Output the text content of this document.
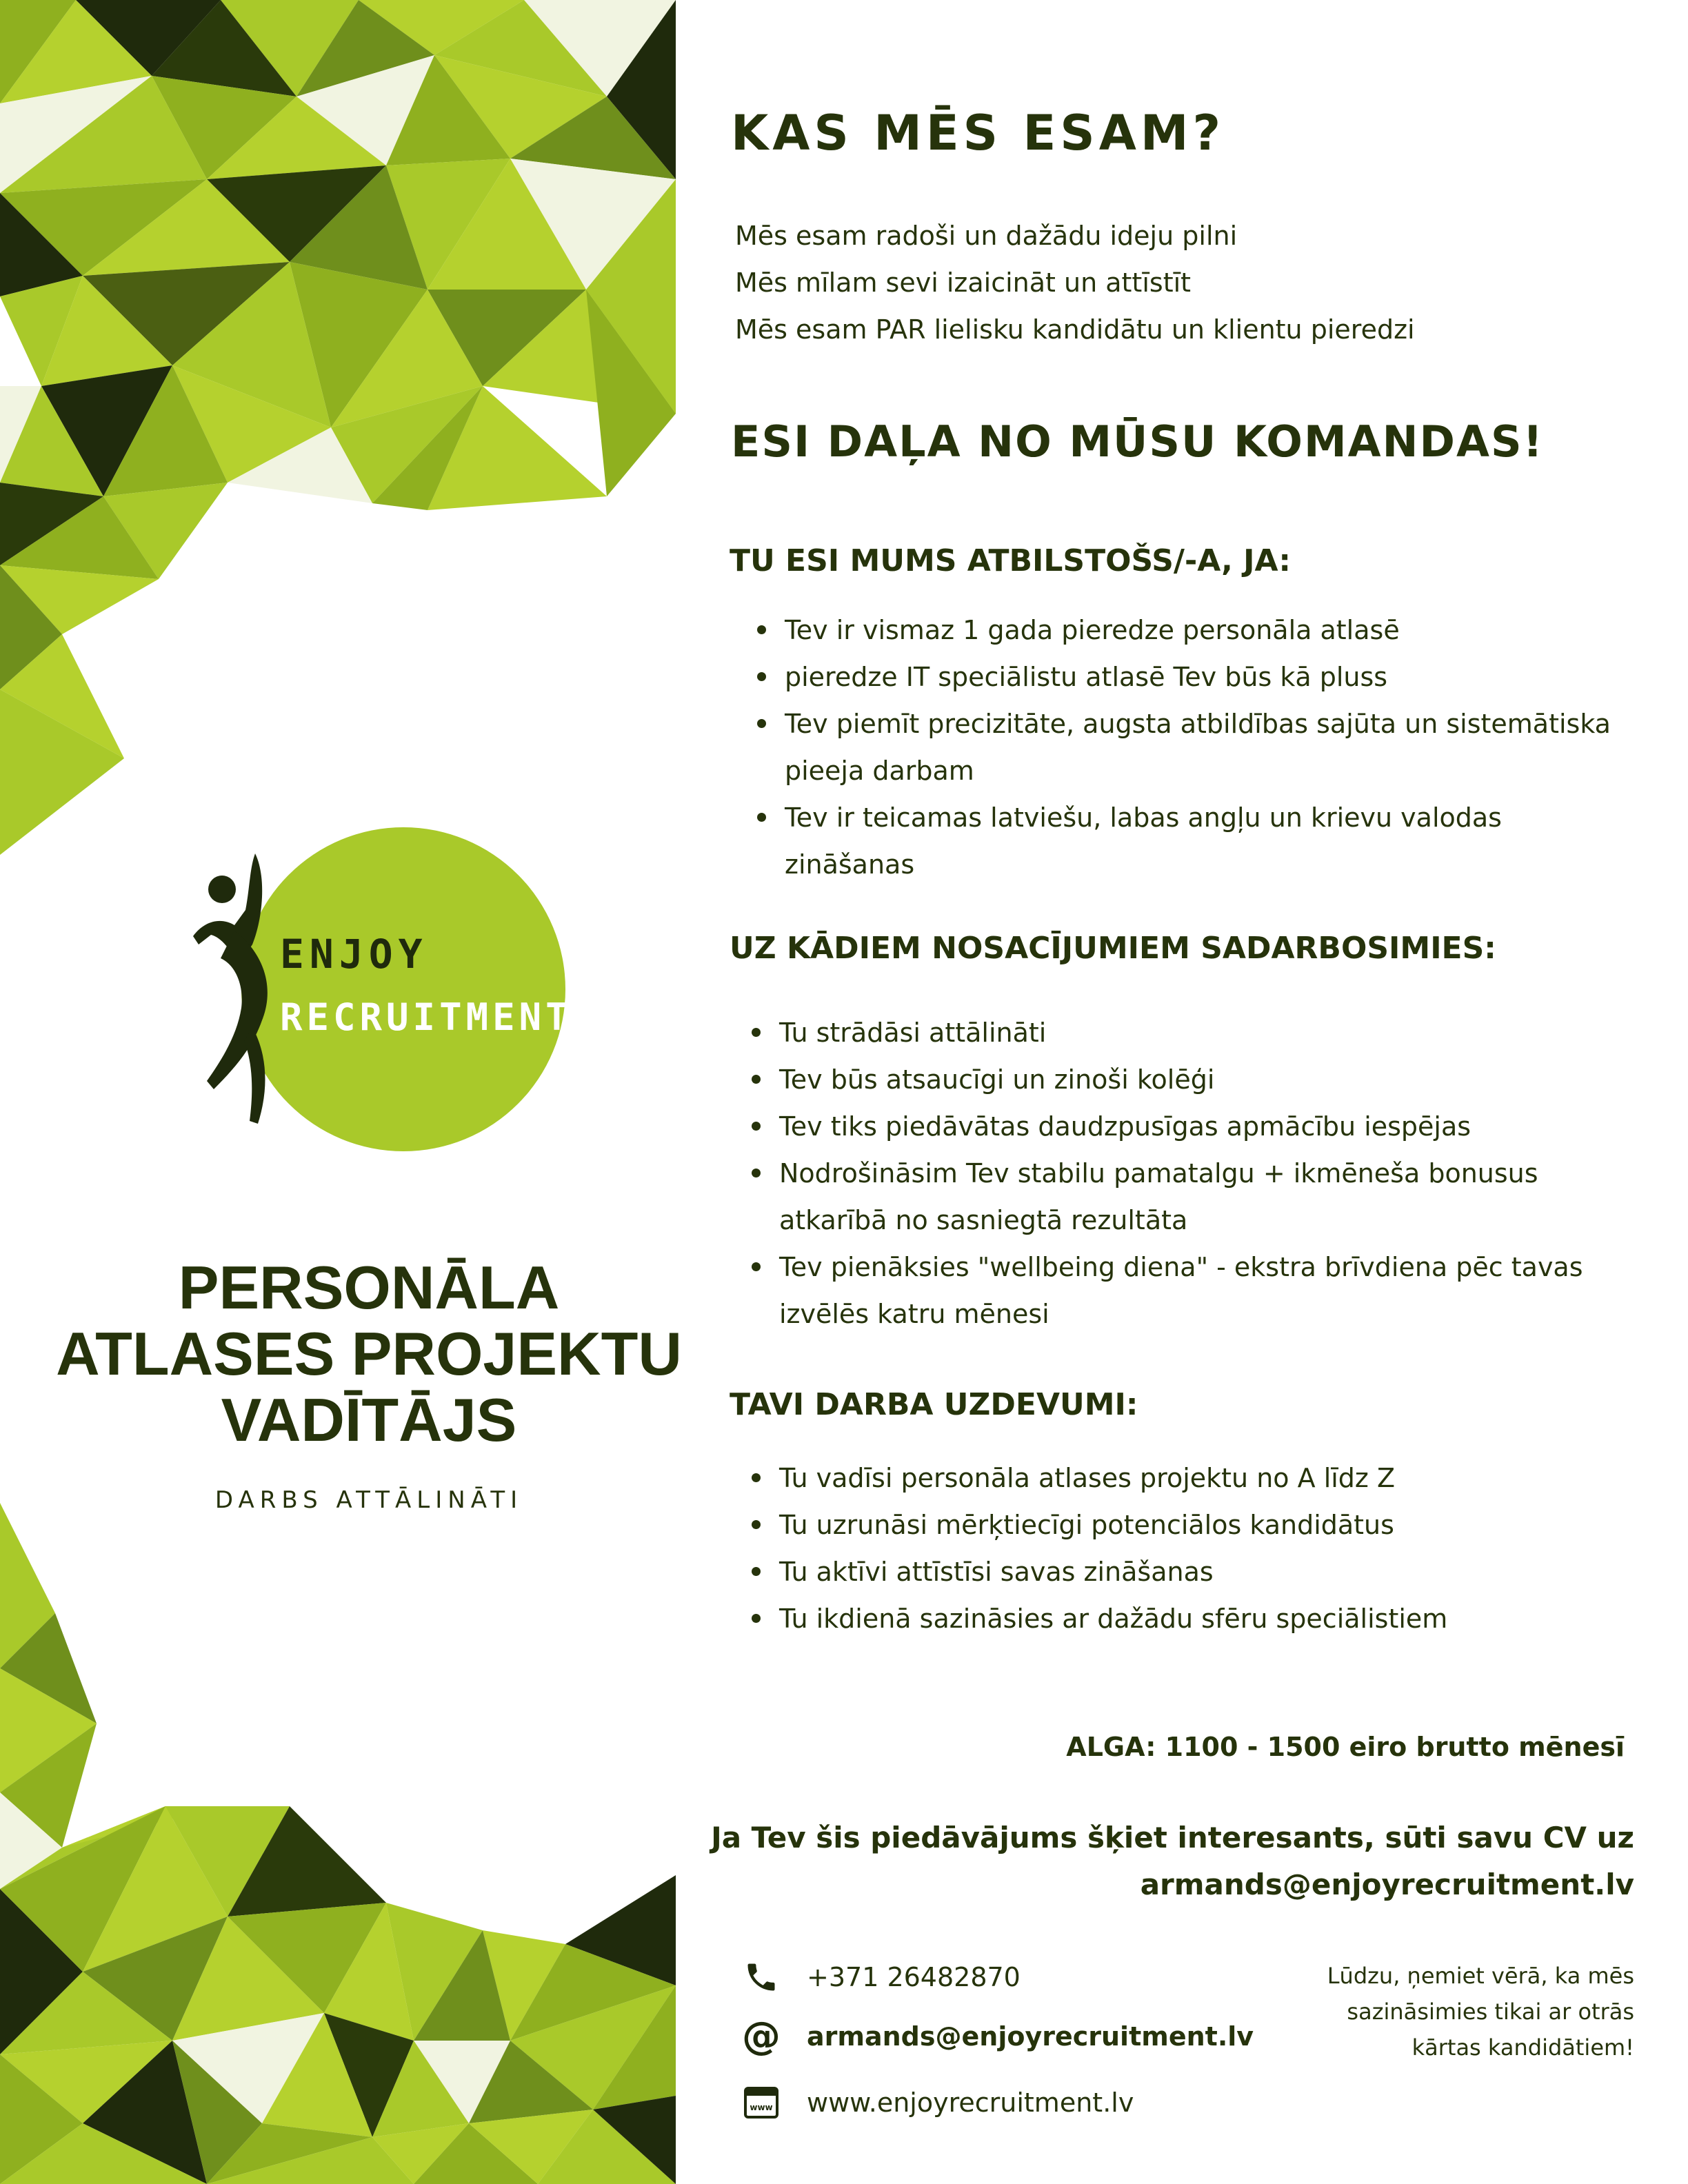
ENJOY
RECRUITMENT
PERSONĀLA
ATLASES PROJEKTU
VADĪTĀJS
DARBS ATTĀLINĀTI
KAS MĒS ESAM?
Mēs esam radoši un dažādu ideju pilni
Mēs mīlam sevi izaicināt un attīstīt
Mēs esam PAR lielisku kandidātu un klientu pieredzi
ESI DAĻA NO MŪSU KOMANDAS!
TU ESI MUMS ATBILSTOŠS/-A, JA:
Tev ir vismaz 1 gada pieredze personāla atlasē
pieredze IT speciālistu atlasē Tev būs kā pluss
Tev piemīt precizitāte, augsta atbildības sajūta un sistemātiska pieeja darbam
Tev ir teicamas latviešu, labas angļu un krievu valodas zināšanas
UZ KĀDIEM NOSACĪJUMIEM SADARBOSIMIES:
Tu strādāsi attālināti
Tev būs atsaucīgi un zinoši kolēģi
Tev tiks piedāvātas daudzpusīgas apmācību iespējas
Nodrošināsim Tev stabilu pamatalgu + ikmēneša bonusus atkarībā no sasniegtā rezultāta
Tev pienāksies "wellbeing diena" - ekstra brīvdiena pēc tavas izvēlēs katru mēnesi
TAVI DARBA UZDEVUMI:
Tu vadīsi personāla atlases projektu no A līdz Z
Tu uzrunāsi mērķtiecīgi potenciālos kandidātus
Tu aktīvi attīstīsi savas zināšanas
Tu ikdienā sazināsies ar dažādu sfēru speciālistiem
ALGA: 1100 - 1500 eiro brutto mēnesī
Ja Tev šis piedāvājums šķiet interesants, sūti savu CV uz
armands@enjoyrecruitment.lv
+371 26482870
@ armands@enjoyrecruitment.lv
www www.enjoyrecruitment.lv
Lūdzu, ņemiet vērā, ka mēs
sazināsimies tikai ar otrās
kārtas kandidātiem!
